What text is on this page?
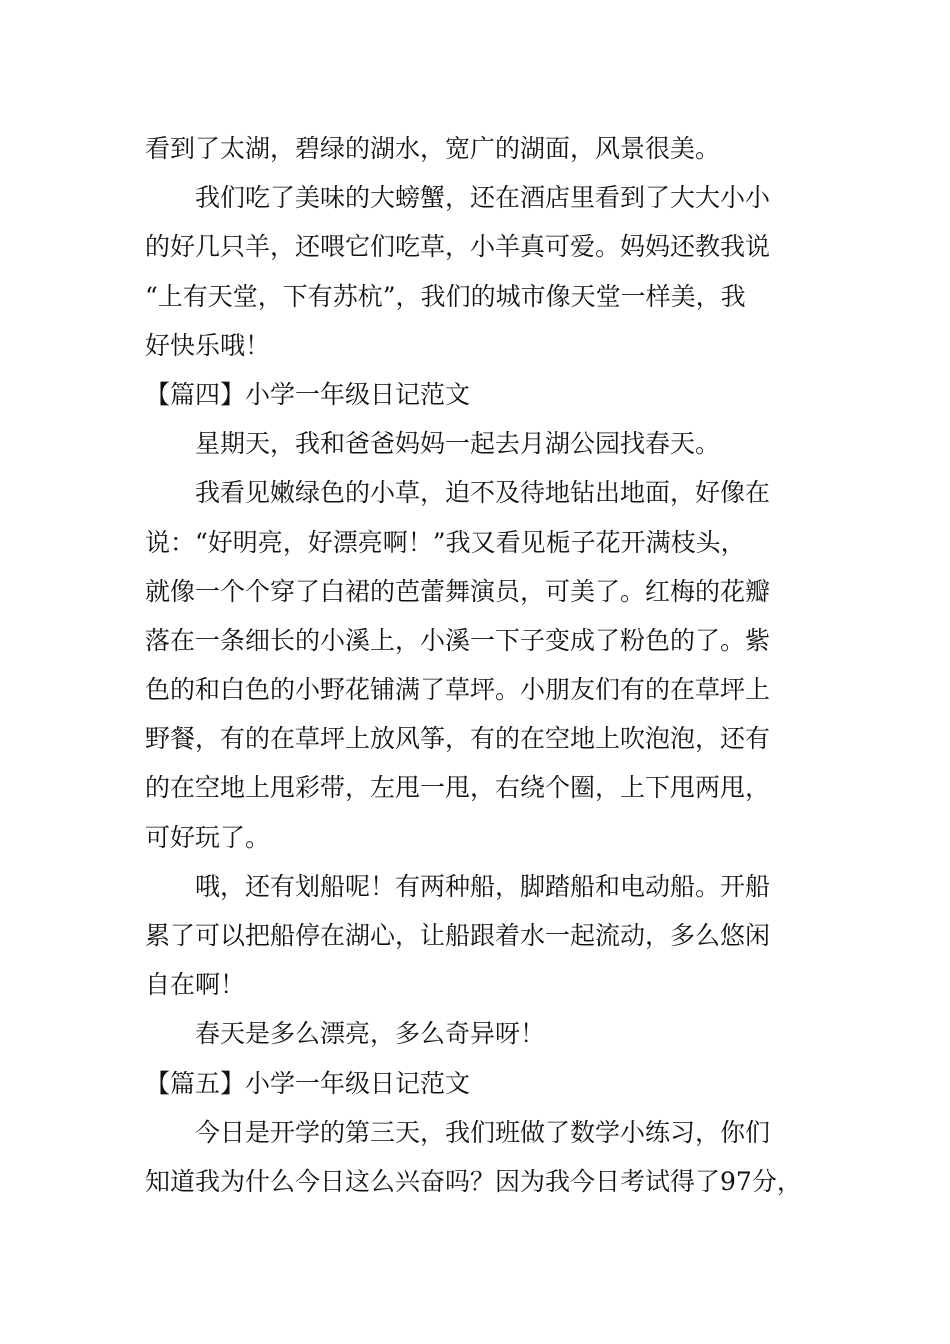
看到了太湖，碧绿的湖水，宽广的湖面，风景很美。
我们吃了美味的大螃蟹，还在酒店里看到了大大小小
的好几只羊，还喂它们吃草，小羊真可爱。妈妈还教我说
“上有天堂，下有苏杭”，我们的城市像天堂一样美，我
好快乐哦！
【篇四】小学一年级日记范文
星期天，我和爸爸妈妈一起去月湖公园找春天。
我看见嫩绿色的小草，迫不及待地钻出地面，好像在
说：“好明亮，好漂亮啊！”我又看见栀子花开满枝头，
就像一个个穿了白裙的芭蕾舞演员，可美了。红梅的花瓣
落在一条细长的小溪上，小溪一下子变成了粉色的了。紫
色的和白色的小野花铺满了草坪。小朋友们有的在草坪上
野餐，有的在草坪上放风筝，有的在空地上吹泡泡，还有
的在空地上甩彩带，左甩一甩，右绕个圈，上下甩两甩，
可好玩了。
哦，还有划船呢！有两种船，脚踏船和电动船。开船
累了可以把船停在湖心，让船跟着水一起流动，多么悠闲
自在啊！
春天是多么漂亮，多么奇异呀！
【篇五】小学一年级日记范文
今日是开学的第三天，我们班做了数学小练习，你们
知道我为什么今日这么兴奋吗？因为我今日考试得了97分，
